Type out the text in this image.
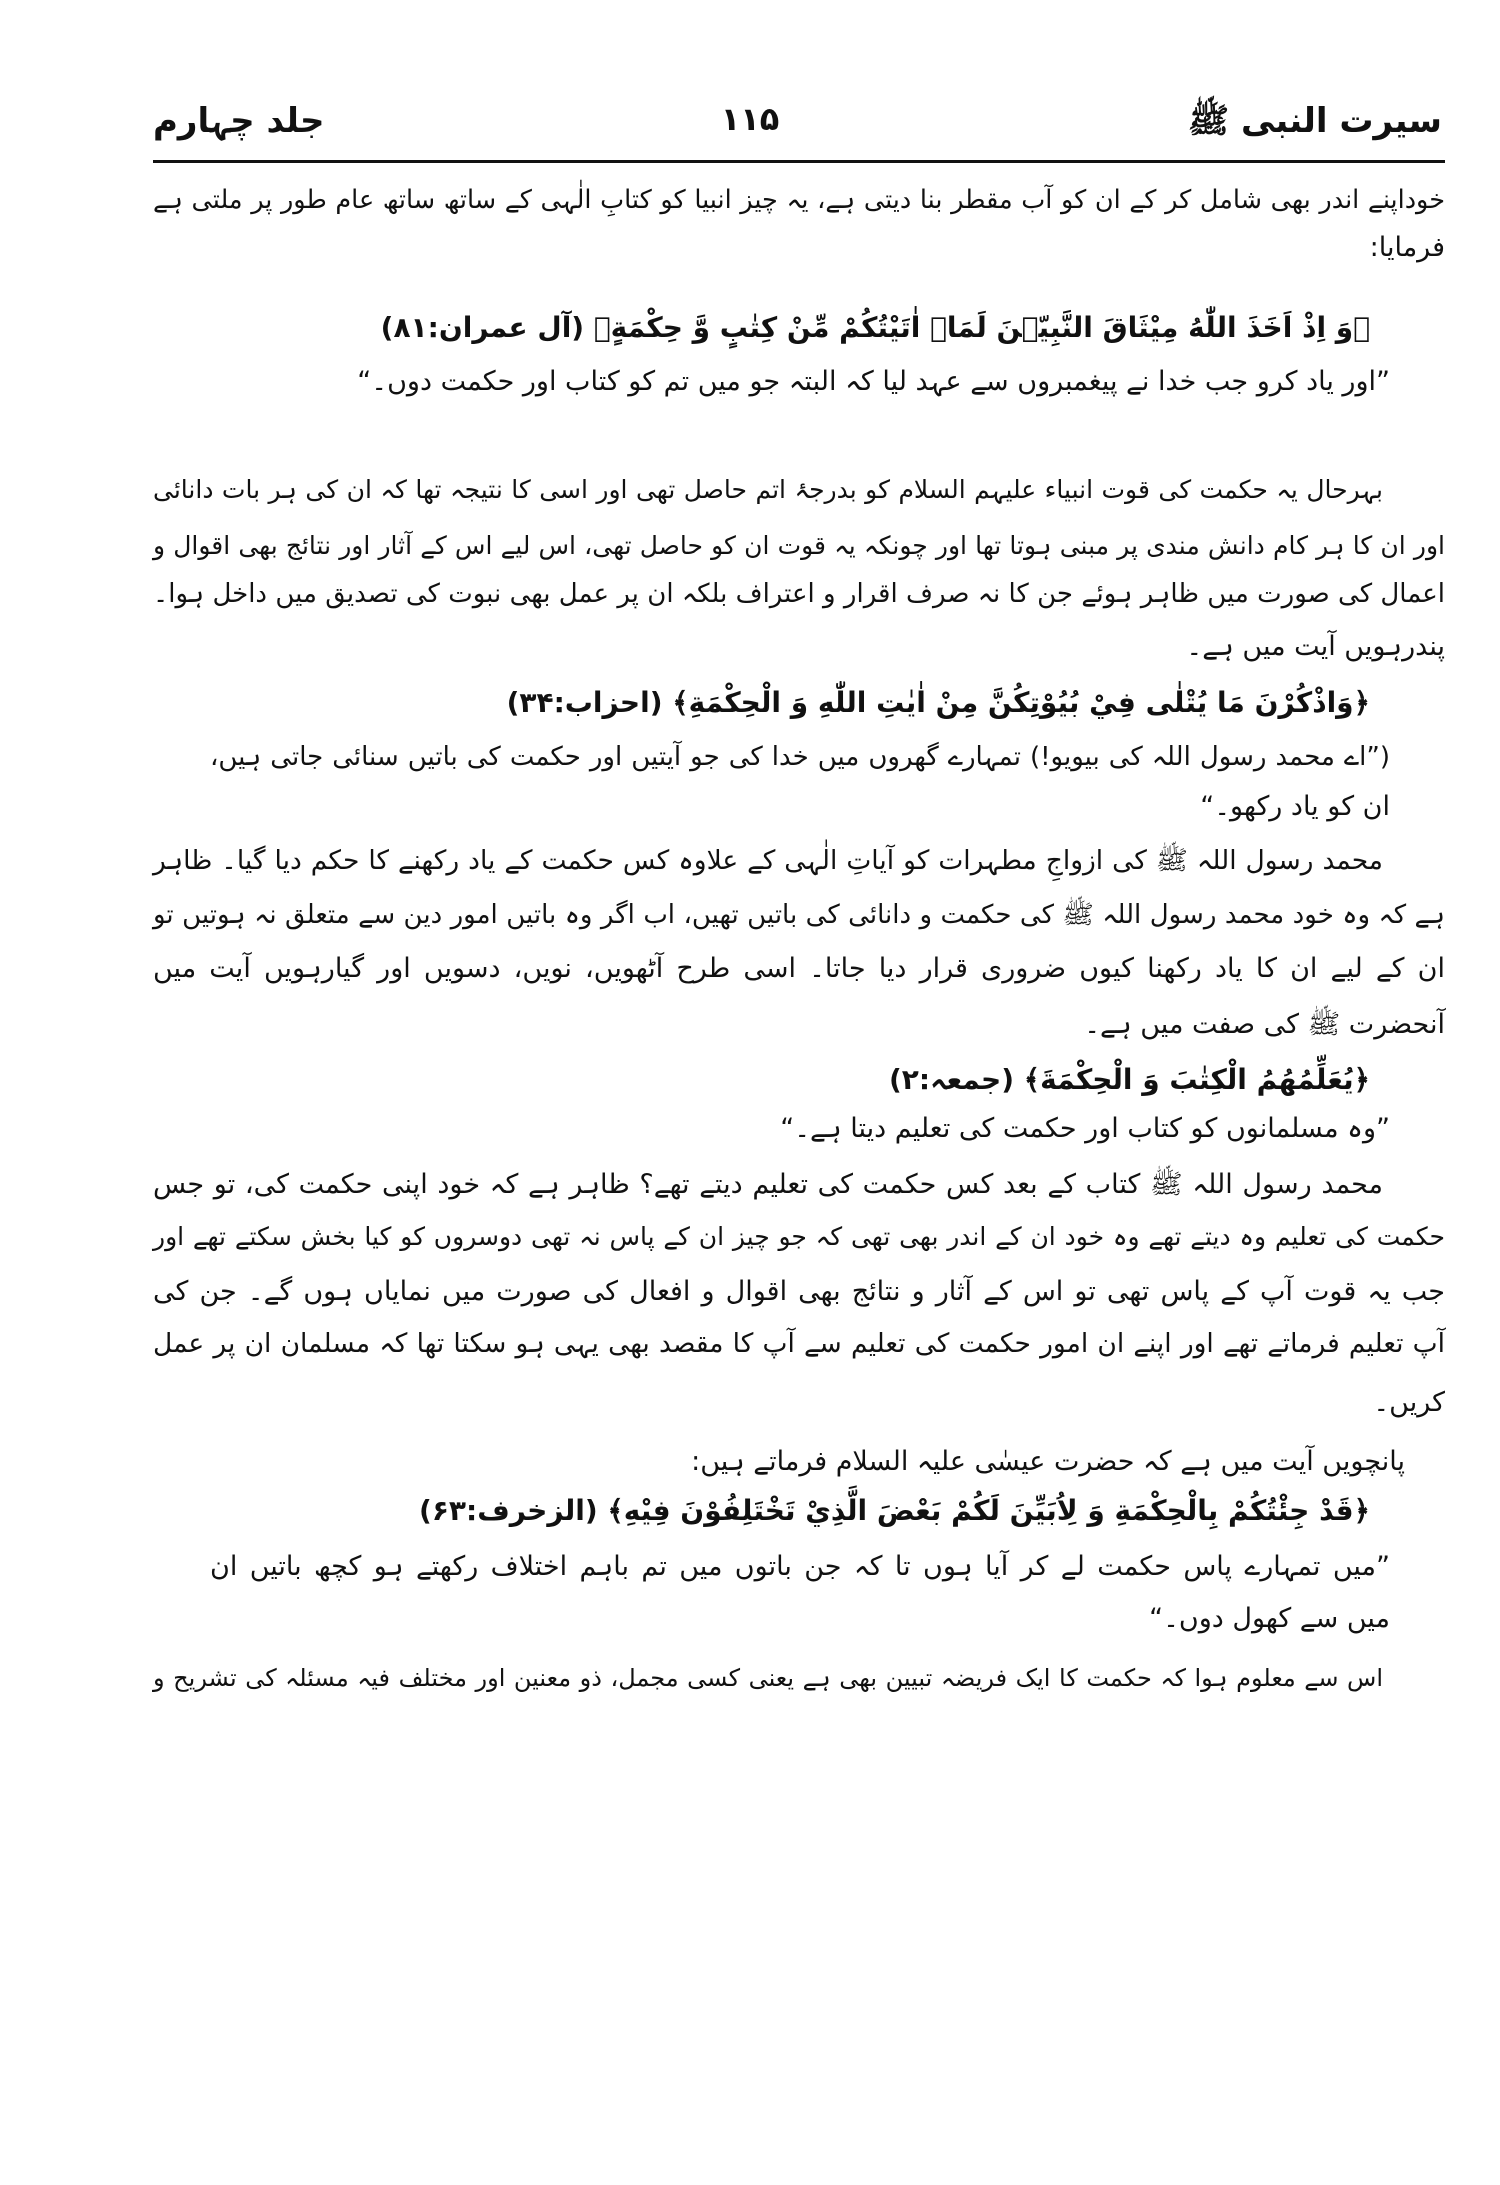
سیرت النبی ﷺ
۱۱۵
جلد چہارم
خوداپنے اندر بھی شامل کر کے ان کو آب مقطر بنا دیتی ہے، یہ چیز انبیا کو کتابِ الٰہی کے ساتھ ساتھ عام طور پر ملتی ہے
فرمایا:
﴿وَ اِذْ اَخَذَ اللّٰهُ مِيْثَاقَ النَّبِيّٖنَ لَمَاۤ اٰتَيْتُكُمْ مِّنْ كِتٰبٍ وَّ حِكْمَةٍ﴾ (آل عمران:۸۱)
”اور یاد کرو جب خدا نے پیغمبروں سے عہد لیا کہ البتہ جو میں تم کو کتاب اور حکمت دوں۔“
بہرحال یہ حکمت کی قوت انبیاء علیہم السلام کو بدرجۂ اتم حاصل تھی اور اسی کا نتیجہ تھا کہ ان کی ہر بات دانائی
اور ان کا ہر کام دانش مندی پر مبنی ہوتا تھا اور چونکہ یہ قوت ان کو حاصل تھی، اس لیے اس کے آثار اور نتائج بھی اقوال و
اعمال کی صورت میں ظاہر ہوئے جن کا نہ صرف اقرار و اعتراف بلکہ ان پر عمل بھی نبوت کی تصدیق میں داخل ہوا۔
پندرہویں آیت میں ہے۔
﴿وَاذْكُرْنَ مَا يُتْلٰى فِيْ بُيُوْتِكُنَّ مِنْ اٰيٰتِ اللّٰهِ وَ الْحِكْمَةِ﴾ (احزاب:۳۴)
(”اے محمد رسول اللہ کی بیویو!) تمہارے گھروں میں خدا کی جو آیتیں اور حکمت کی باتیں سنائی جاتی ہیں،
ان کو یاد رکھو۔“
محمد رسول اللہ ﷺ کی ازواجِ مطہرات کو آیاتِ الٰہی کے علاوہ کس حکمت کے یاد رکھنے کا حکم دیا گیا۔ ظاہر
ہے کہ وہ خود محمد رسول اللہ ﷺ کی حکمت و دانائی کی باتیں تھیں، اب اگر وہ باتیں امور دین سے متعلق نہ ہوتیں تو
ان کے لیے ان کا یاد رکھنا کیوں ضروری قرار دیا جاتا۔ اسی طرح آٹھویں، نویں، دسویں اور گیارہویں آیت میں
آنحضرت ﷺ کی صفت میں ہے۔
﴿يُعَلِّمُهُمُ الْكِتٰبَ وَ الْحِكْمَةَ﴾ (جمعہ:۲)
”وہ مسلمانوں کو کتاب اور حکمت کی تعلیم دیتا ہے۔“
محمد رسول اللہ ﷺ کتاب کے بعد کس حکمت کی تعلیم دیتے تھے؟ ظاہر ہے کہ خود اپنی حکمت کی، تو جس
حکمت کی تعلیم وہ دیتے تھے وہ خود ان کے اندر بھی تھی کہ جو چیز ان کے پاس نہ تھی دوسروں کو کیا بخش سکتے تھے اور
جب یہ قوت آپ کے پاس تھی تو اس کے آثار و نتائج بھی اقوال و افعال کی صورت میں نمایاں ہوں گے۔ جن کی
آپ تعلیم فرماتے تھے اور اپنے ان امور حکمت کی تعلیم سے آپ کا مقصد بھی یہی ہو سکتا تھا کہ مسلمان ان پر عمل
کریں۔
پانچویں آیت میں ہے کہ حضرت عیسٰی علیہ السلام فرماتے ہیں:
﴿قَدْ جِئْتُكُمْ بِالْحِكْمَةِ وَ لِاُبَيِّنَ لَكُمْ بَعْضَ الَّذِيْ تَخْتَلِفُوْنَ فِيْهِ﴾ (الزخرف:۶۳)
”میں تمہارے پاس حکمت لے کر آیا ہوں تا کہ جن باتوں میں تم باہم اختلاف رکھتے ہو کچھ باتیں ان
میں سے کھول دوں۔“
اس سے معلوم ہوا کہ حکمت کا ایک فریضہ تبیین بھی ہے یعنی کسی مجمل، ذو معنین اور مختلف فیہ مسئلہ کی تشریح و
